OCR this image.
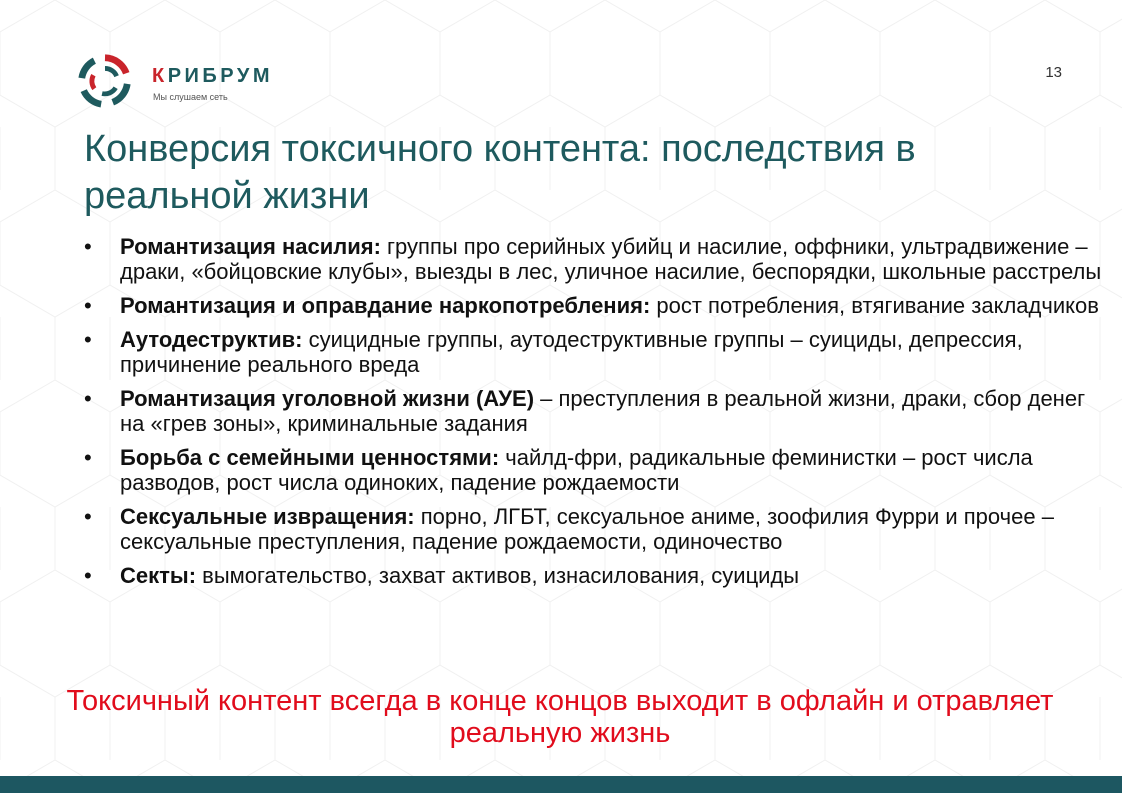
КРИБРУМ
Мы слушаем сеть
13
Конверсия токсичного контента: последствия в реальной жизни
• Романтизация насилия: группы про серийных убийц и насилие, оффники, ультрадвижение – драки, «бойцовские клубы», выезды в лес, уличное насилие, беспорядки, школьные расстрелы
• Романтизация и оправдание наркопотребления: рост потребления, втягивание закладчиков
• Аутодеструктив: суицидные группы, аутодеструктивные группы – суициды, депрессия, причинение реального вреда
• Романтизация уголовной жизни (АУЕ) – преступления в реальной жизни, драки, сбор денег на «грев зоны», криминальные задания
• Борьба с семейными ценностями: чайлд-фри, радикальные феминистки – рост числа разводов, рост числа одиноких, падение рождаемости
• Сексуальные извращения: порно, ЛГБТ, сексуальное аниме, зоофилия Фурри и прочее – сексуальные преступления, падение рождаемости, одиночество
• Секты: вымогательство, захват активов, изнасилования, суициды
Токсичный контент всегда в конце концов выходит в офлайн и отравляет реальную жизнь
